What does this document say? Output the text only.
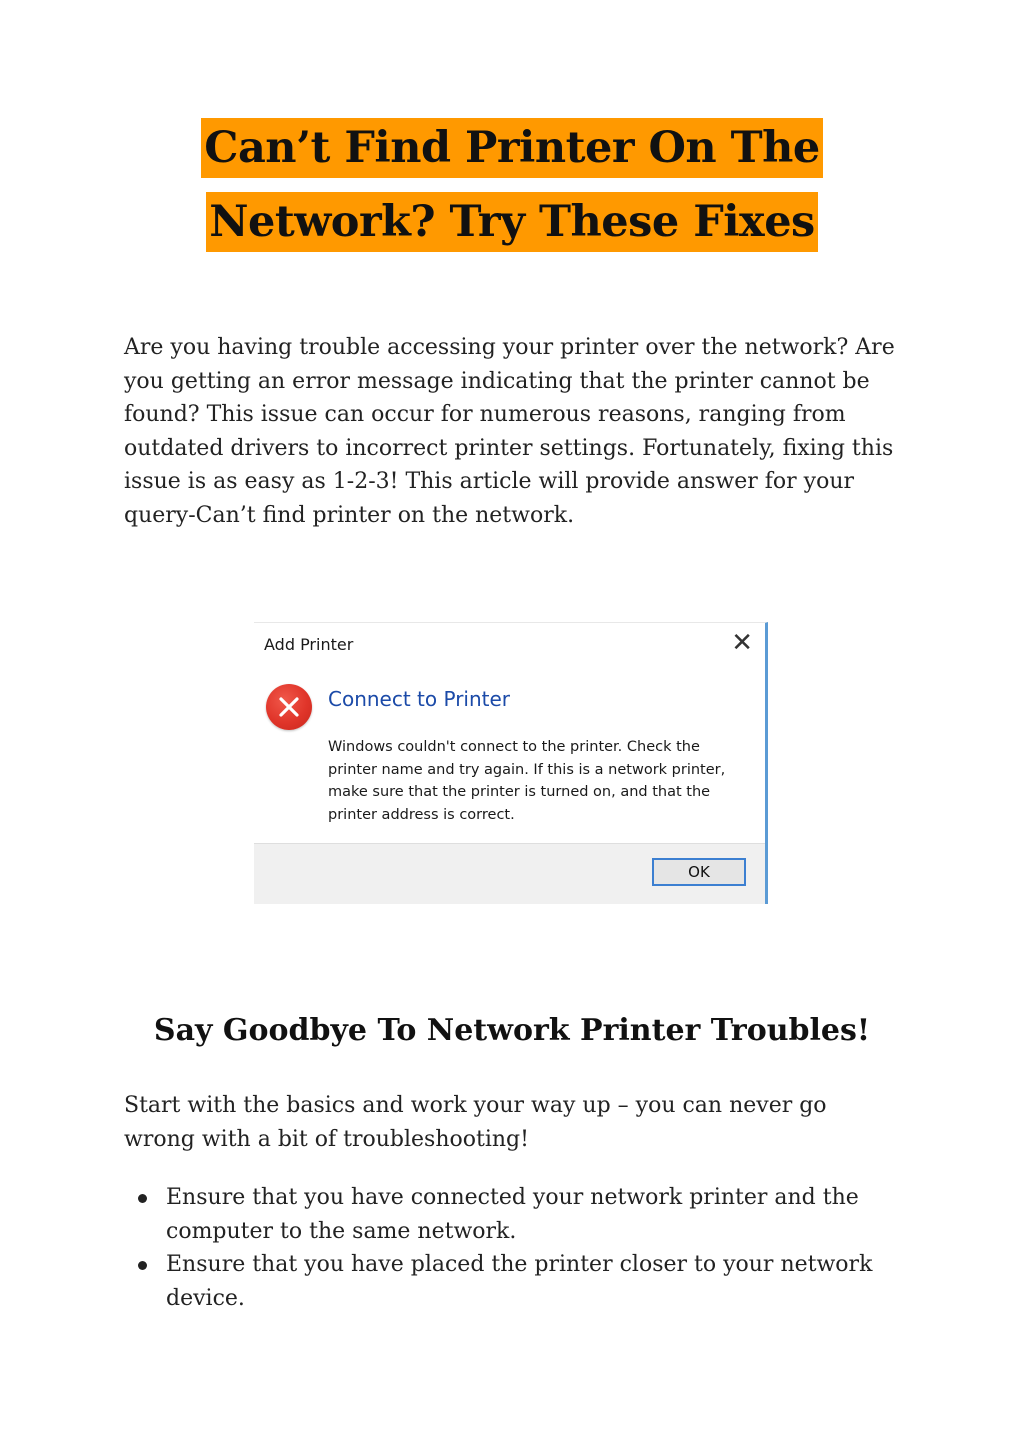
Can’t Find Printer On The
Network? Try These Fixes

Are you having trouble accessing your printer over the network? Are you getting an error message indicating that the printer cannot be found? This issue can occur for numerous reasons, ranging from outdated drivers to incorrect printer settings. Fortunately, fixing this issue is as easy as 1-2-3! This article will provide answer for your query-Can’t find printer on the network.

Add Printer	✕
Connect to Printer

Windows couldn't connect to the printer. Check the printer name and try again. If this is a network printer, make sure that the printer is turned on, and that the printer address is correct.

OK
Say Goodbye To Network Printer Troubles!

Start with the basics and work your way up – you can never go wrong with a bit of troubleshooting!

Ensure that you have connected your network printer and the computer to the same network.
Ensure that you have placed the printer closer to your network device.
